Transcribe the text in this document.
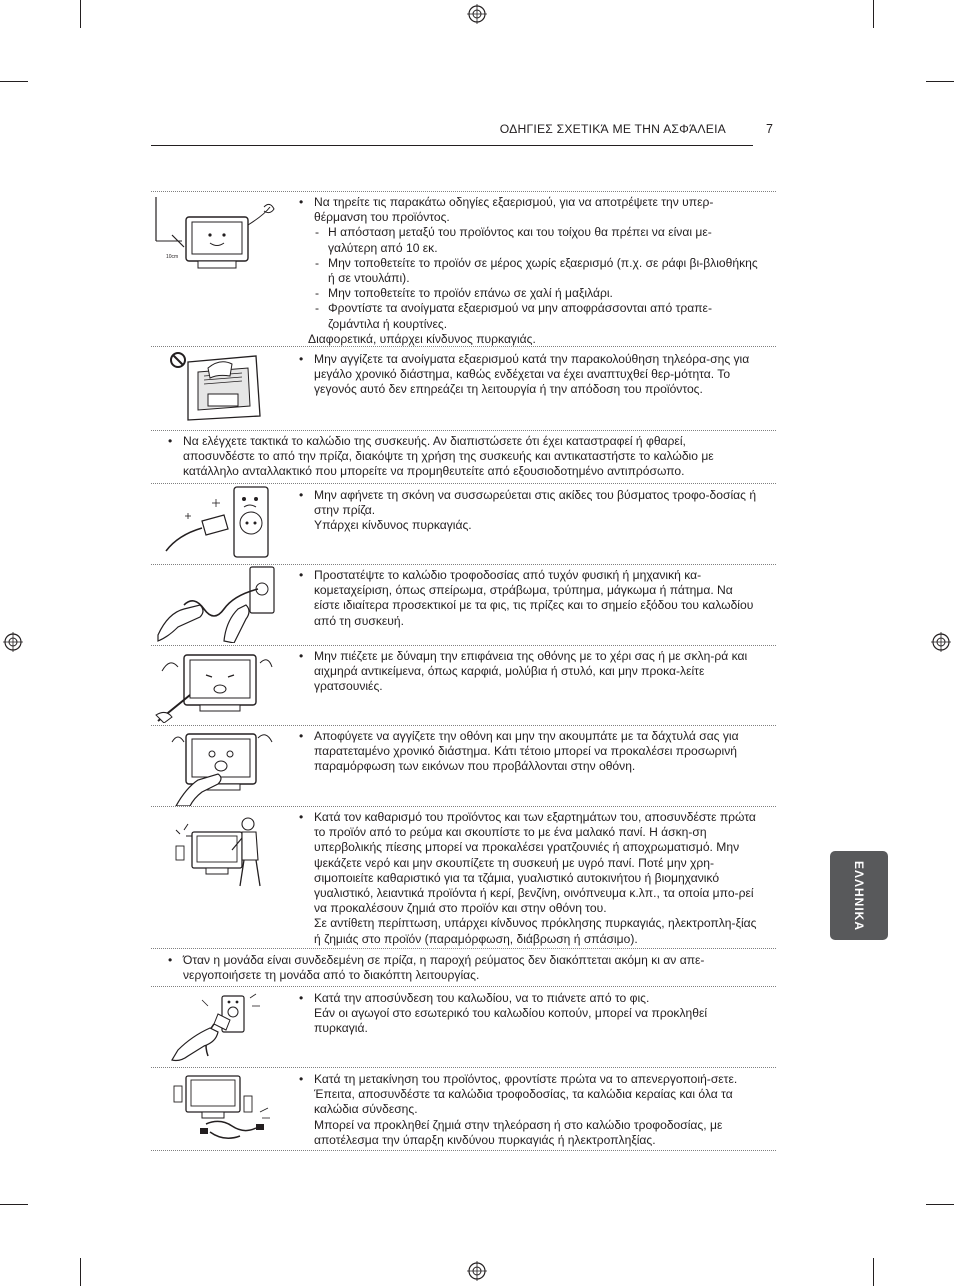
ΟΔΗΓΙΕΣ ΣΧΕΤΙΚΆ ΜΕ ΤΗΝ ΑΣΦΆΛΕΙΑ	7
ΕΛΛΗΝΙΚΑ
10cm

• Να τηρείτε τις παρακάτω οδηγίες εξαερισμού, για να αποτρέψετε την υπερ-θέρμανση του προϊόντος.

- Η απόσταση μεταξύ του προϊόντος και του τοίχου θα πρέπει να είναι με-γαλύτερη από 10 εκ.

- Μην τοποθετείτε το προϊόν σε μέρος χωρίς εξαερισμό (π.χ. σε ράφι βι-βλιοθήκης ή σε ντουλάπι).

- Μην τοποθετείτε το προϊόν επάνω σε χαλί ή μαξιλάρι.

- Φροντίστε τα ανοίγματα εξαερισμού να μην αποφράσσονται από τραπε-ζομάντιλα ή κουρτίνες.

Διαφορετικά, υπάρχει κίνδυνος πυρκαγιάς.

• Μην αγγίζετε τα ανοίγματα εξαερισμού κατά την παρακολούθηση τηλεόρα-σης για μεγάλο χρονικό διάστημα, καθώς ενδέχεται να έχει αναπτυχθεί θερ-μότητα. Το γεγονός αυτό δεν επηρεάζει τη λειτουργία ή την απόδοση του προϊόντος.

• Να ελέγχετε τακτικά το καλώδιο της συσκευής. Αν διαπιστώσετε ότι έχει καταστραφεί ή φθαρεί, αποσυνδέστε το από την πρίζα, διακόψτε τη χρήση της συσκευής και αντικαταστήστε το καλώδιο με κατάλληλο ανταλλακτικό που μπορείτε να προμηθευτείτε από εξουσιοδοτημένο αντιπρόσωπο.

• Μην αφήνετε τη σκόνη να συσσωρεύεται στις ακίδες του βύσματος τροφο-δοσίας ή στην πρίζα.

Υπάρχει κίνδυνος πυρκαγιάς.

• Προστατέψτε το καλώδιο τροφοδοσίας από τυχόν φυσική ή μηχανική κα-κομεταχείριση, όπως σπείρωμα, στράβωμα, τρύπημα, μάγκωμα ή πάτημα. Να είστε ιδιαίτερα προσεκτικοί με τα φις, τις πρίζες και το σημείο εξόδου του καλωδίου από τη συσκευή.

• Μην πιέζετε με δύναμη την επιφάνεια της οθόνης με το χέρι σας ή με σκλη-ρά και αιχμηρά αντικείμενα, όπως καρφιά, μολύβια ή στυλό, και μην προκα-λείτε γρατσουνιές.

• Αποφύγετε να αγγίζετε την οθόνη και μην την ακουμπάτε με τα δάχτυλά σας για παρατεταμένο χρονικό διάστημα. Κάτι τέτοιο μπορεί να προκαλέσει προσωρινή παραμόρφωση των εικόνων που προβάλλονται στην οθόνη.

• Κατά τον καθαρισμό του προϊόντος και των εξαρτημάτων του, αποσυνδέστε πρώτα το προϊόν από το ρεύμα και σκουπίστε το με ένα μαλακό πανί. Η άσκη-ση υπερβολικής πίεσης μπορεί να προκαλέσει γρατζουνιές ή αποχρωματισμό. Μην ψεκάζετε νερό και μην σκουπίζετε τη συσκευή με υγρό πανί. Ποτέ μην χρη-σιμοποιείτε καθαριστικό για τα τζάμια, γυαλιστικό αυτοκινήτου ή βιομηχανικό γυαλιστικό, λειαντικά προϊόντα ή κερί, βενζίνη, οινόπνευμα κ.λπ., τα οποία μπο-ρεί να προκαλέσουν ζημιά στο προϊόν και στην οθόνη του.

Σε αντίθετη περίπτωση, υπάρχει κίνδυνος πρόκλησης πυρκαγιάς, ηλεκτροπλη-ξίας ή ζημιάς στο προϊόν (παραμόρφωση, διάβρωση ή σπάσιμο).

• Όταν η μονάδα είναι συνδεδεμένη σε πρίζα, η παροχή ρεύματος δεν διακόπτεται ακόμη κι αν απε-νεργοποιήσετε τη μονάδα από το διακόπτη λειτουργίας.

• Κατά την αποσύνδεση του καλωδίου, να το πιάνετε από το φις.

Εάν οι αγωγοί στο εσωτερικό του καλωδίου κοπούν, μπορεί να προκληθεί πυρκαγιά.

• Κατά τη μετακίνηση του προϊόντος, φροντίστε πρώτα να το απενεργοποιή-σετε. Έπειτα, αποσυνδέστε τα καλώδια τροφοδοσίας, τα καλώδια κεραίας και όλα τα καλώδια σύνδεσης.

Μπορεί να προκληθεί ζημιά στην τηλεόραση ή στο καλώδιο τροφοδοσίας, με αποτέλεσμα την ύπαρξη κινδύνου πυρκαγιάς ή ηλεκτροπληξίας.
